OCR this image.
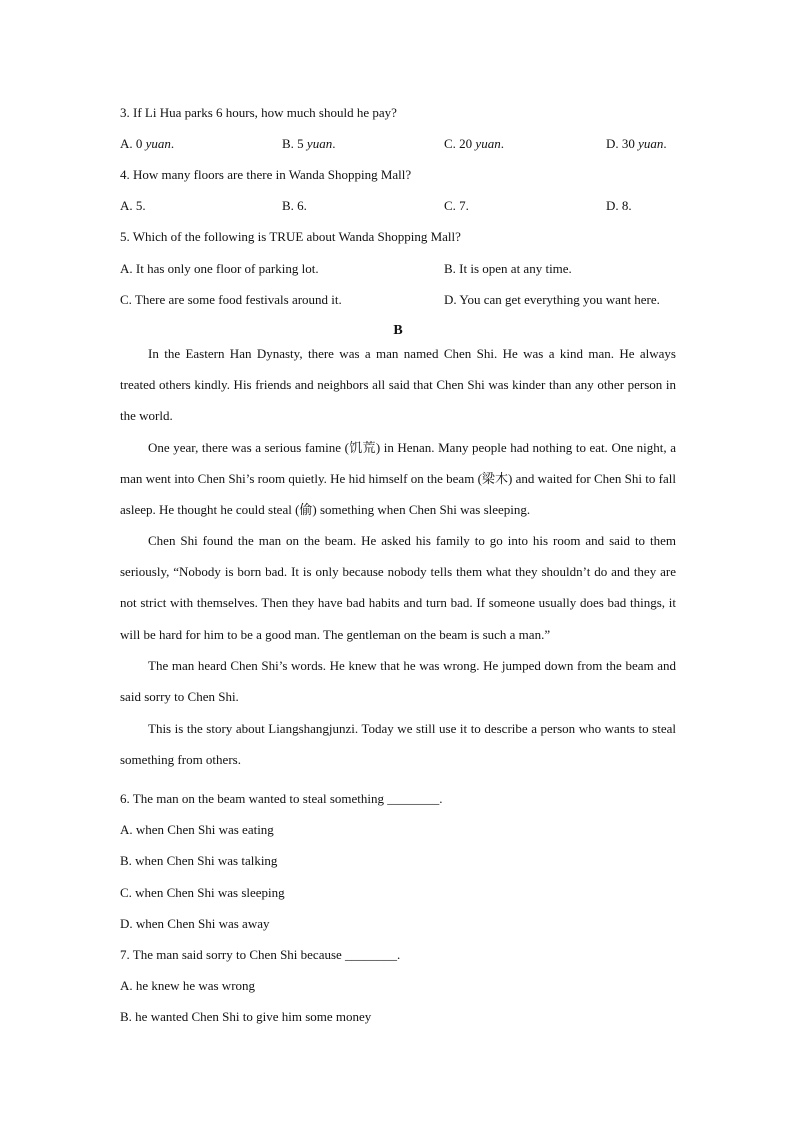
3. If Li Hua parks 6 hours, how much should he pay?
A. 0 yuan.	B. 5 yuan.	C. 20 yuan.	D. 30 yuan.
4. How many floors are there in Wanda Shopping Mall?
A. 5.	B. 6.	C. 7.	D. 8.
5. Which of the following is TRUE about Wanda Shopping Mall?
A. It has only one floor of parking lot.	B. It is open at any time.
C. There are some food festivals around it.	D. You can get everything you want here.
B

In the Eastern Han Dynasty, there was a man named Chen Shi. He was a kind man. He always treated others kindly. His friends and neighbors all said that Chen Shi was kinder than any other person in the world.

One year, there was a serious famine (饥荒) in Henan. Many people had nothing to eat. One night, a man went into Chen Shi’s room quietly. He hid himself on the beam (梁木) and waited for Chen Shi to fall asleep. He thought he could steal (偷) something when Chen Shi was sleeping.

Chen Shi found the man on the beam. He asked his family to go into his room and said to them seriously, “Nobody is born bad. It is only because nobody tells them what they shouldn’t do and they are not strict with themselves. Then they have bad habits and turn bad. If someone usually does bad things, it will be hard for him to be a good man. The gentleman on the beam is such a man.”

The man heard Chen Shi’s words. He knew that he was wrong. He jumped down from the beam and said sorry to Chen Shi.

This is the story about Liangshangjunzi. Today we still use it to describe a person who wants to steal something from others.

6. The man on the beam wanted to steal something ________.
A. when Chen Shi was eating
B. when Chen Shi was talking
C. when Chen Shi was sleeping
D. when Chen Shi was away
7. The man said sorry to Chen Shi because ________.
A. he knew he was wrong
B. he wanted Chen Shi to give him some money
